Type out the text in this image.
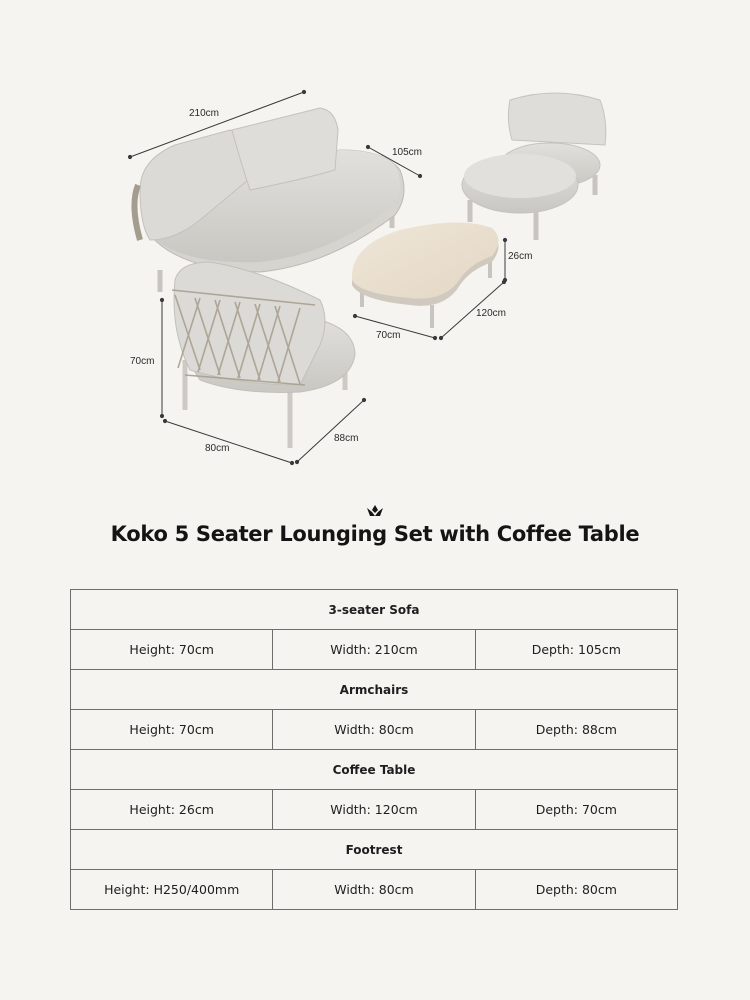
210cm
105cm
26cm
120cm
70cm
70cm
80cm
88cm
Koko 5 Seater Lounging Set with Coffee Table
3-seater Sofa		
Height: 70cm	Width: 210cm	Depth: 105cm
Armchairs		
Height: 70cm	Width: 80cm	Depth: 88cm
Coffee Table		
Height: 26cm	Width: 120cm	Depth: 70cm
Footrest		
Height: H250/400mm	Width: 80cm	Depth: 80cm
